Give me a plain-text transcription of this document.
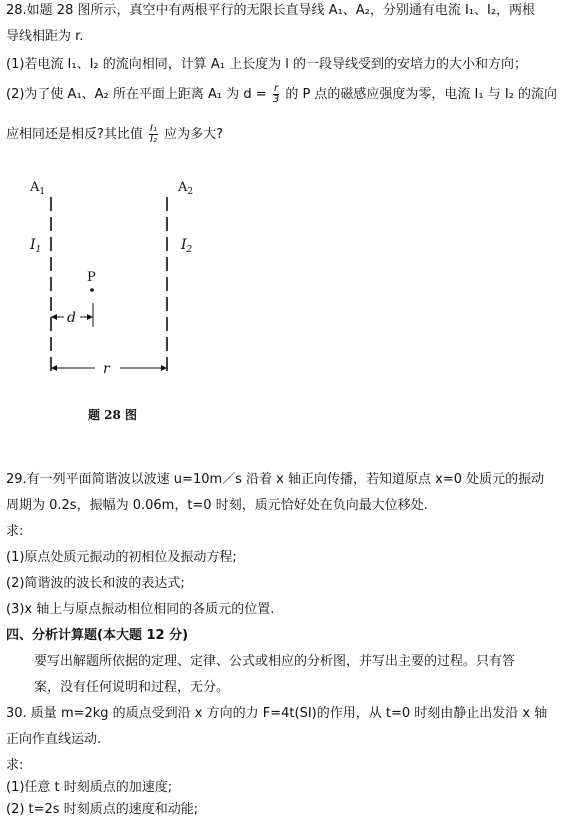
28.如题 28 图所示，真空中有两根平行的无限长直导线 A₁、A₂，分别通有电流 I₁、I₂，两根
导线相距为 r.
(1)若电流 I₁、I₂ 的流向相同，计算 A₁ 上长度为 l 的一段导线受到的安培力的大小和方向；
(2)为了使 A₁、A₂ 所在平面上距离 A₁ 为 $d = \frac{r}{3}$ 的 P 点的磁感应强度为零，电流 I₁ 与 I₂ 的流向
应相同还是相反?其比值 $\frac{\text{I₁}}{\text{I₂}}$ 应为多大?
$A_1$	$A_2$
$I_1$	$I_2$
P
d
r
题 28 图
29.有一列平面简谐波以波速 u=10m／s 沿着 x 轴正向传播，若知道原点 x=0 处质元的振动
周期为 0.2s，振幅为 0.06m，t=0 时刻，质元恰好处在负向最大位移处.
求:
(1)原点处质元振动的初相位及振动方程;
(2)简谐波的波长和波的表达式;
(3)x 轴上与原点振动相位相同的各质元的位置.
四、分析计算题(本大题 12 分)
要写出解题所依据的定理、定律、公式或相应的分析图，并写出主要的过程。只有答
案，没有任何说明和过程，无分。
30. 质量 m=2kg 的质点受到沿 x 方向的力 F=4t(SI)的作用，从 t=0 时刻由静止出发沿 x 轴
正向作直线运动.
求:
(1)任意 t 时刻质点的加速度;
(2) t=2s 时刻质点的速度和动能;
